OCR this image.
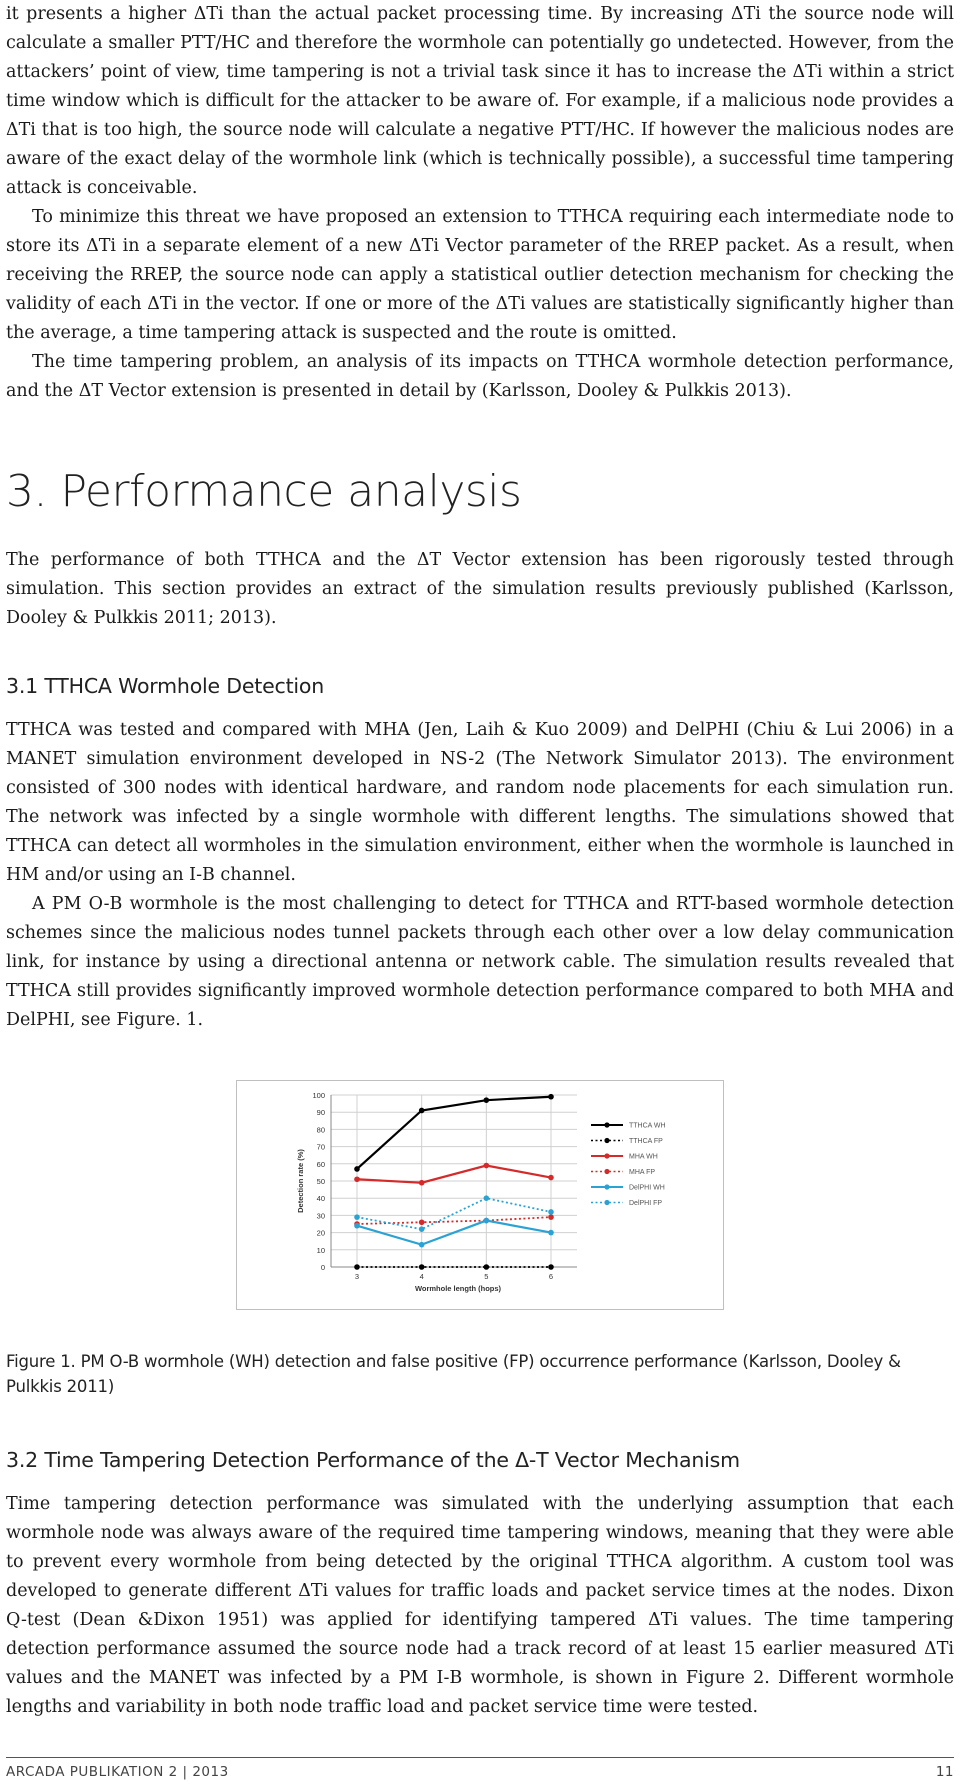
it presents a higher ΔTi than the actual packet processing time. By increasing ΔTi the source node will calculate a smaller PTT/HC and therefore the wormhole can potentially go undetected. However, from the attackers’ point of view, time tampering is not a trivial task since it has to increase the ΔTi within a strict time window which is difficult for the attacker to be aware of. For example, if a malicious node provides a ΔTi that is too high, the source node will calculate a negative PTT/HC. If however the malicious nodes are aware of the exact delay of the wormhole link (which is technically possible), a successful time tampering attack is conceivable.

To minimize this threat we have proposed an extension to TTHCA requiring each intermediate node to store its ΔTi in a separate element of a new ΔTi Vector parameter of the RREP packet. As a result, when receiving the RREP, the source node can apply a statistical outlier detection mechanism for checking the validity of each ΔTi in the vector. If one or more of the ΔTi values are statistically significantly higher than the average, a time tampering attack is suspected and the route is omitted.

The time tampering problem, an analysis of its impacts on TTHCA wormhole detection performance, and the ΔT Vector extension is presented in detail by (Karlsson, Dooley & Pulkkis 2013).

3. Performance analysis

The performance of both TTHCA and the ΔT Vector extension has been rigorously tested through simulation. This section provides an extract of the simulation results previously published (Karlsson, Dooley & Pulkkis 2011; 2013).

3.1 TTHCA Wormhole Detection

TTHCA was tested and compared with MHA (Jen, Laih & Kuo 2009) and DelPHI (Chiu & Lui 2006) in a MANET simulation environment developed in NS-2 (The Network Simulator 2013). The environment consisted of 300 nodes with identical hardware, and random node placements for each simulation run. The network was infected by a single wormhole with different lengths. The simulations showed that TTHCA can detect all wormholes in the simulation environment, either when the wormhole is launched in HM and/or using an I-B channel.

A PM O-B wormhole is the most challenging to detect for TTHCA and RTT-based wormhole detection schemes since the malicious nodes tunnel packets through each other over a low delay communication link, for instance by using a directional antenna or network cable. The simulation results revealed that TTHCA still provides significantly improved wormhole detection performance compared to both MHA and DelPHI, see Figure. 1.

Figure 1. PM O-B wormhole (WH) detection and false positive (FP) occurrence performance (Karlsson, Dooley & Pulkkis 2011)

3.2 Time Tampering Detection Performance of the Δ-T Vector Mechanism

Time tampering detection performance was simulated with the underlying assumption that each wormhole node was always aware of the required time tampering windows, meaning that they were able to prevent every wormhole from being detected by the original TTHCA algorithm. A custom tool was developed to generate different ΔTi values for traffic loads and packet service times at the nodes. Dixon Q-test (Dean &Dixon 1951) was applied for identifying tampered ΔTi values. The time tampering detection performance assumed the source node had a track record of at least 15 earlier measured ΔTi values and the MANET was infected by a PM I-B wormhole, is shown in Figure 2. Different wormhole lengths and variability in both node traffic load and packet service time were tested.

0
10
20
30
40
50
60
70
80
90
100
3	4	5	6
Wormhole length (hops)
Detection rate (%)
TTHCA WH
TTHCA FP
MHA WH
MHA FP
DelPHI WH
DelPHI FP
ARCADA PUBLIKATION 2 | 2013	11
